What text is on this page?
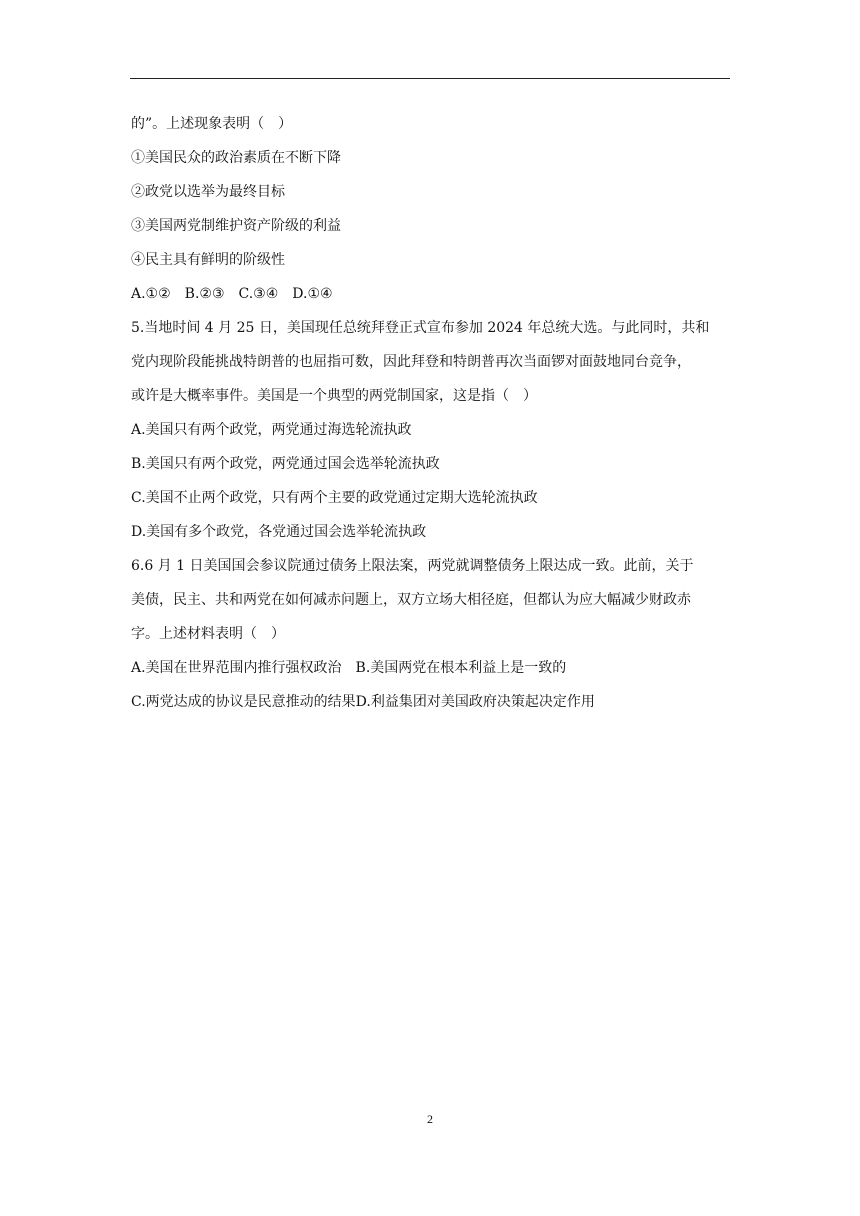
的”。上述现象表明（　）
①美国民众的政治素质在不断下降
②政党以选举为最终目标
③美国两党制维护资产阶级的利益
④民主具有鲜明的阶级性
A.①②　B.②③　C.③④　D.①④
5.当地时间 4 月 25 日，美国现任总统拜登正式宣布参加 2024 年总统大选。与此同时，共和
党内现阶段能挑战特朗普的也屈指可数，因此拜登和特朗普再次当面锣对面鼓地同台竞争，
或许是大概率事件。美国是一个典型的两党制国家，这是指（　）
A.美国只有两个政党，两党通过海选轮流执政
B.美国只有两个政党，两党通过国会选举轮流执政
C.美国不止两个政党，只有两个主要的政党通过定期大选轮流执政
D.美国有多个政党，各党通过国会选举轮流执政
6.6 月 1 日美国国会参议院通过债务上限法案，两党就调整债务上限达成一致。此前，关于
美债，民主、共和两党在如何减赤问题上，双方立场大相径庭，但都认为应大幅减少财政赤
字。上述材料表明（　）
A.美国在世界范围内推行强权政治　B.美国两党在根本利益上是一致的
C.两党达成的协议是民意推动的结果D.利益集团对美国政府决策起决定作用
2
